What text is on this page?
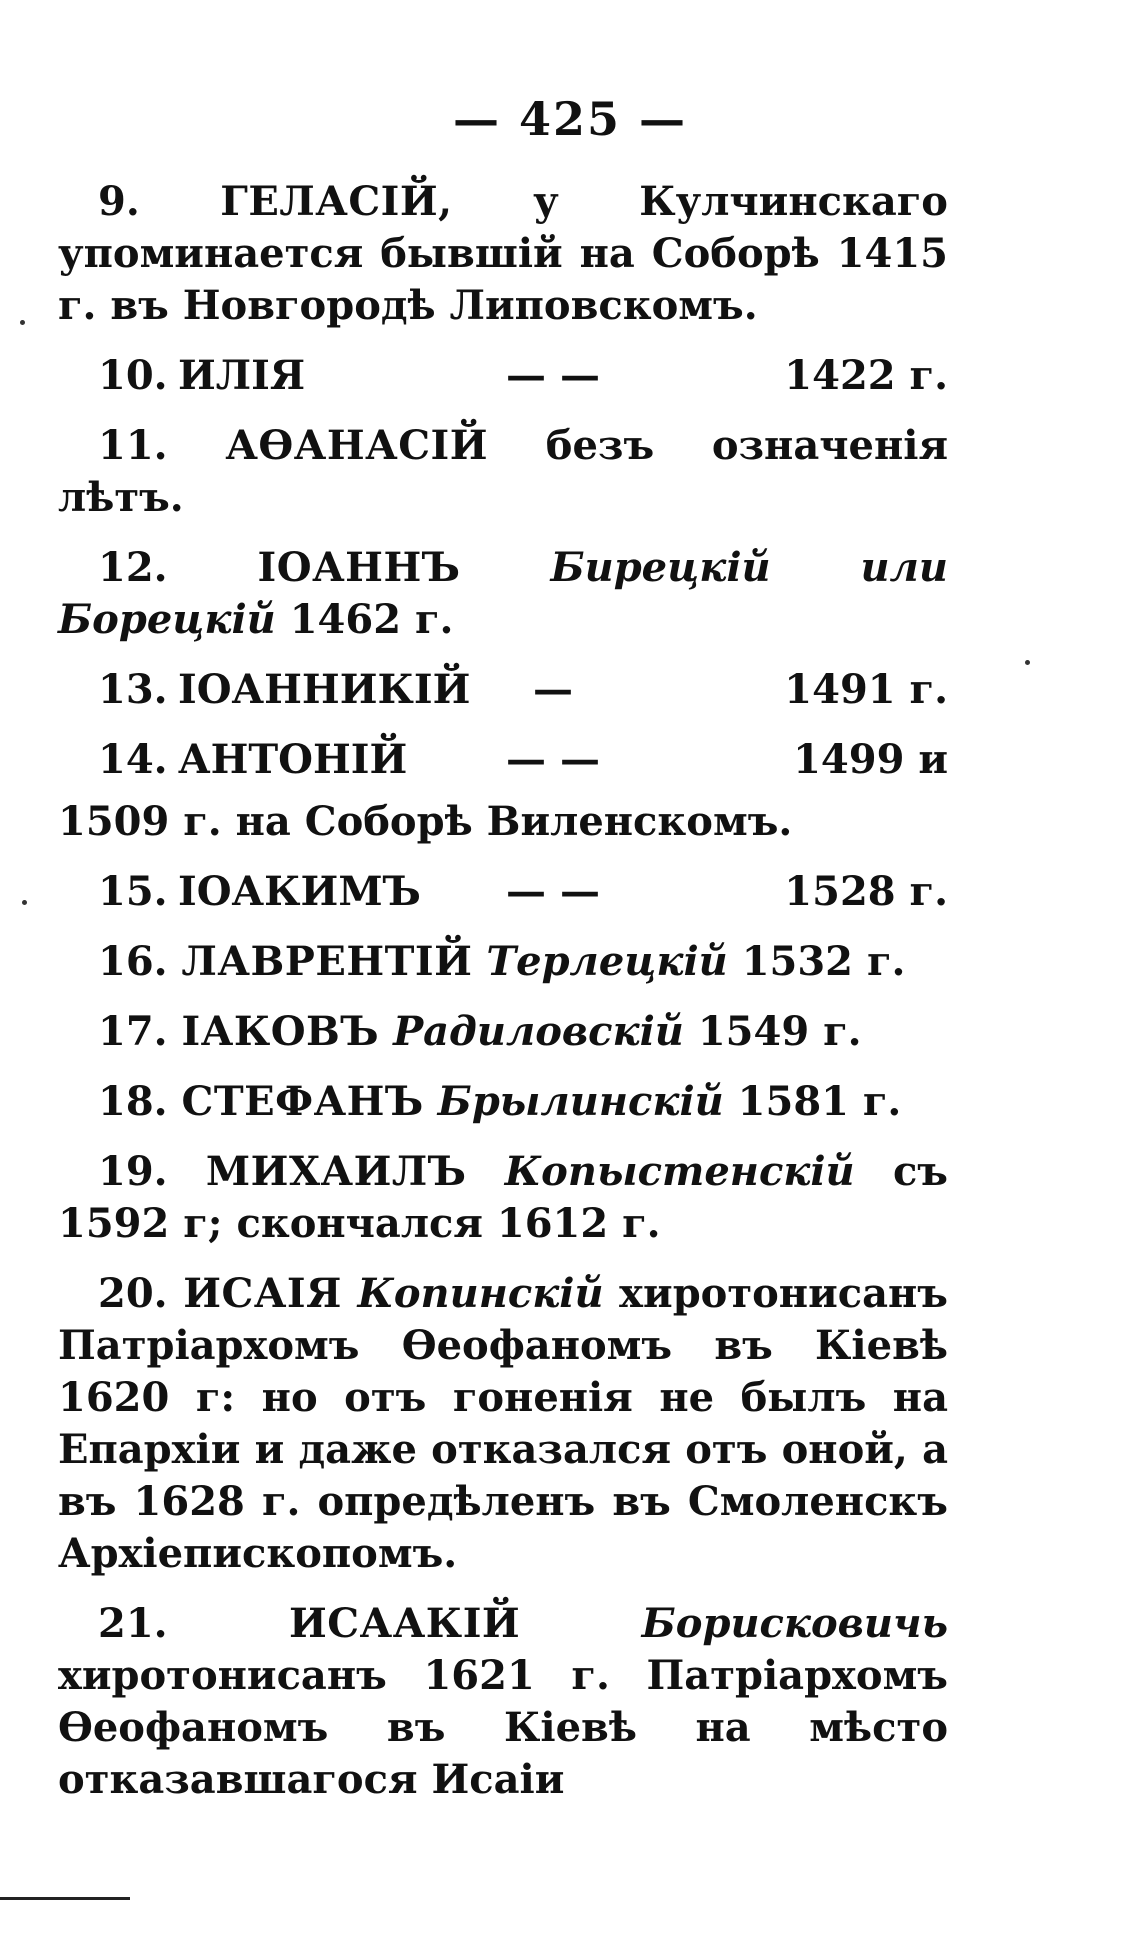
— 425 —
9. ГЕЛАСІЙ, у Кулчинскаго упоминается бывшій на Соборѣ 1415 г. въ Новгородѣ Липовскомъ.
10. ИЛІЯ	— —	1422 г.
11. АѲАНАСІЙ безъ означенія лѣтъ.
12. ІОАННЪ Бирецкій или Борецкій 1462 г.
13. ІОАННИКІЙ	—	1491 г.
14. АНТОНІЙ	— —	1499 и
1509 г. на Соборѣ Виленскомъ.
15. ІОАКИМЪ	— —	1528 г.
16. ЛАВРЕНТІЙ Терлецкій 1532 г.
17. ІАКОВЪ Радиловскій 1549 г.
18. СТЕФАНЪ Брылинскій 1581 г.
19. МИХАИЛЪ Копыстенскій съ 1592 г; скончался 1612 г.
20. ИСАІЯ Копинскій хиротонисанъ Патріархомъ Ѳеофаномъ въ Кіевѣ 1620 г: но отъ гоненія не былъ на Епархіи и даже отказался отъ оной, а въ 1628 г. опредѣленъ въ Смоленскъ Архіепископомъ.
21.	ИСААКІЙ	Борисковичь хиротонисанъ 1621 г. Патріархомъ Ѳеофаномъ въ Кіевѣ на мѣсто отказавшагося Исаіи
